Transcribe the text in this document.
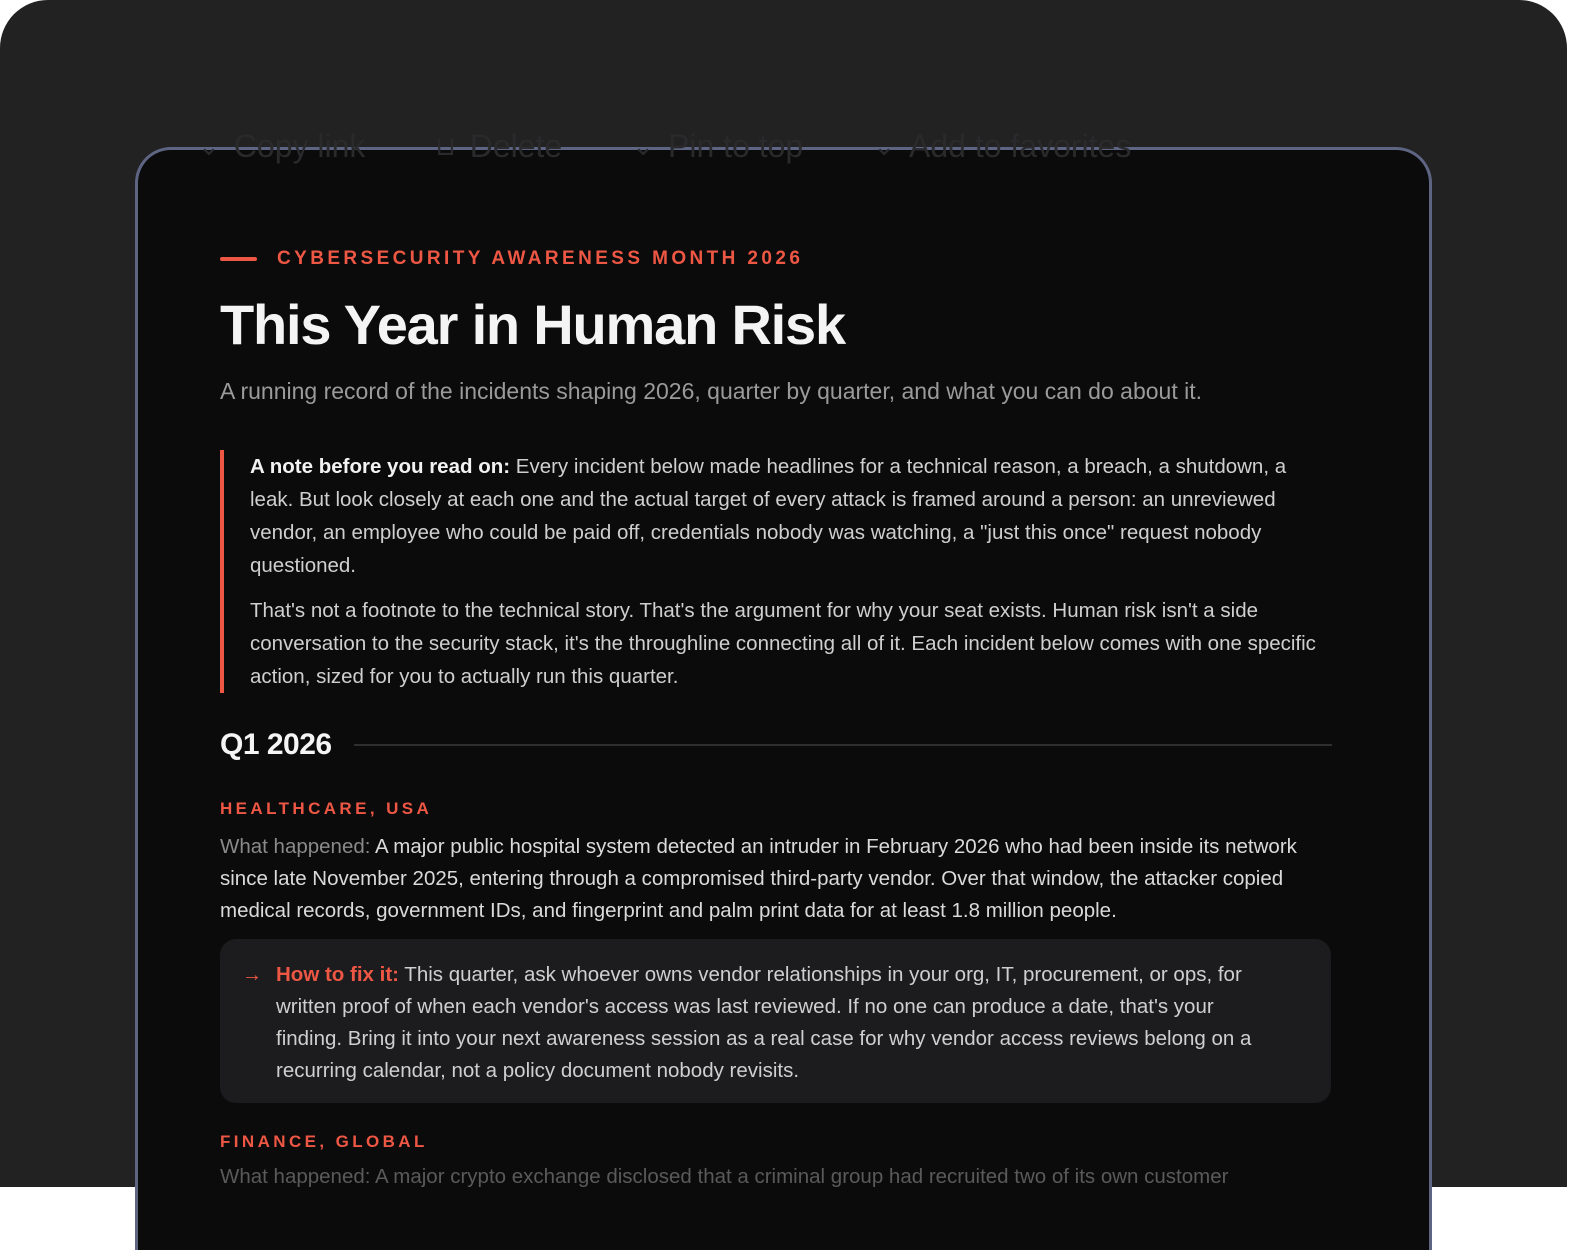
⌄ Copy link	⊔ Delete	⌄ Pin to top	⌄ Add to favorites
CYBERSECURITY AWARENESS MONTH 2026
This Year in Human Risk

A running record of the incidents shaping 2026, quarter by quarter, and what you can do about it.

A note before you read on: Every incident below made headlines for a technical reason, a breach, a shutdown, a leak. But look closely at each one and the actual target of every attack is framed around a person: an unreviewed vendor, an employee who could be paid off, credentials nobody was watching, a "just this once" request nobody questioned.

That's not a footnote to the technical story. That's the argument for why your seat exists. Human risk isn't a side conversation to the security stack, it's the throughline connecting all of it. Each incident below comes with one specific action, sized for you to actually run this quarter.

Q1 2026
HEALTHCARE, USA

What happened: A major public hospital system detected an intruder in February 2026 who had been inside its network since late November 2025, entering through a compromised third-party vendor. Over that window, the attacker copied medical records, government IDs, and fingerprint and palm print data for at least 1.8 million people.

→ How to fix it: This quarter, ask whoever owns vendor relationships in your org, IT, procurement, or ops, for written proof of when each vendor's access was last reviewed. If no one can produce a date, that's your finding. Bring it into your next awareness session as a real case for why vendor access reviews belong on a recurring calendar, not a policy document nobody revisits.

FINANCE, GLOBAL
What happened: A major crypto exchange disclosed that a criminal group had recruited two of its own customer
